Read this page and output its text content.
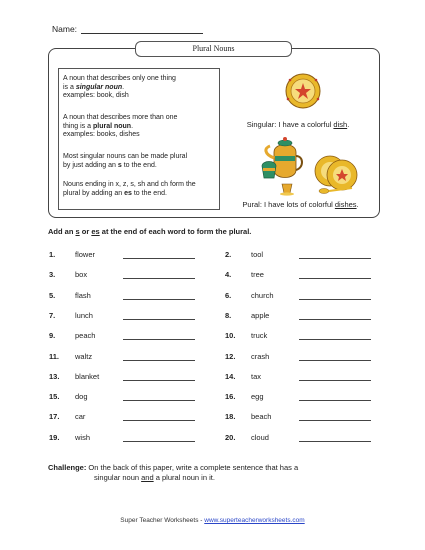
Name:
Plural Nouns

A noun that describes only one thing

is a singular noun.

examples: book, dish

A noun that describes more than one

thing is a plural noun.

examples: books, dishes

Most singular nouns can be made plural

by just adding an s to the end.

Nouns ending in x, z, s, sh and ch form the

plural by adding an es to the end.

Singular: I have a colorful dish.
Pural: I have lots of colorful dishes.
Add an s or es at the end of each word to form the plural.
1.	flower
3.	box
5.	flash
7.	lunch
9.	peach
11. waltz
13. blanket
15. dog
17. car
19. wish
2.	tool
4.	tree
6.	church
8.	apple
10. truck
12. crash
14. tax
16. egg
18. beach
20. cloud
Challenge: On the back of this paper, write a complete sentence that has a
singular noun and a plural noun in it.
Super Teacher Worksheets - www.superteacherworksheets.com
